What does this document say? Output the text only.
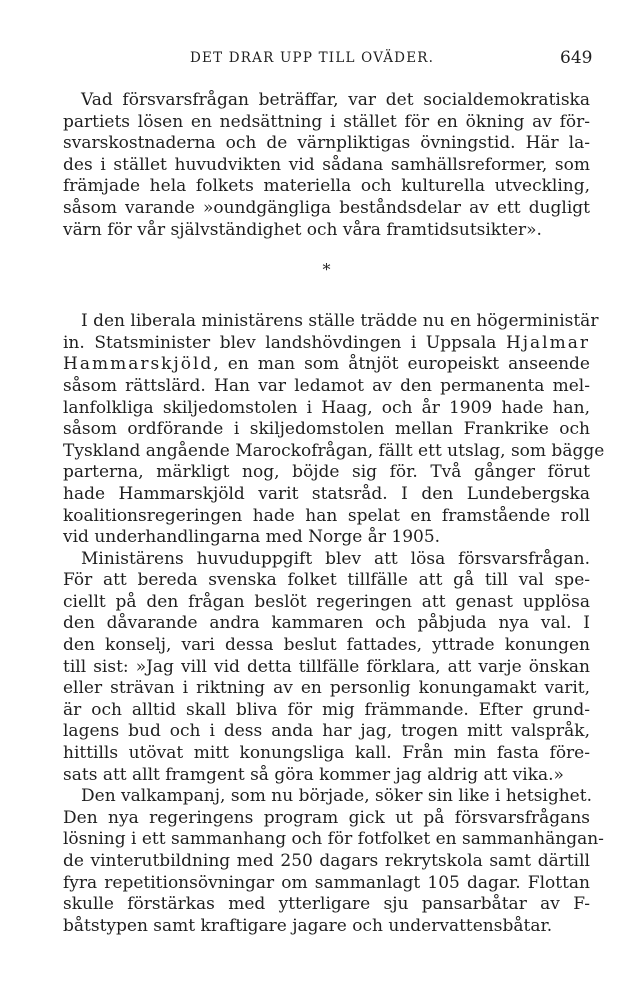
DET DRAR UPP TILL OVÄDER.	649
Vad försvarsfrågan beträffar, var det socialdemokratiska
partiets lösen en nedsättning i stället för en ökning av för-
svarskostnaderna och de värnpliktigas övningstid. Här la-
des i stället huvudvikten vid sådana samhällsreformer, som
främjade hela folkets materiella och kulturella utveckling,
såsom varande »oundgängliga beståndsdelar av ett dugligt
värn för vår självständighet och våra framtidsutsikter».
*
I den liberala ministärens ställe trädde nu en högerministär
in. Statsminister blev landshövdingen i Uppsala Hjalmar
Hammarskjöld, en man som åtnjöt europeiskt anseende
såsom rättslärd. Han var ledamot av den permanenta mel-
lanfolkliga skiljedomstolen i Haag, och år 1909 hade han,
såsom ordförande i skiljedomstolen mellan Frankrike och
Tyskland angående Marockofrågan, fällt ett utslag, som bägge
parterna, märkligt nog, böjde sig för. Två gånger förut
hade Hammarskjöld varit statsråd. I den Lundebergska
koalitionsregeringen hade han spelat en framstående roll
vid underhandlingarna med Norge år 1905.
Ministärens huvuduppgift blev att lösa försvarsfrågan.
För att bereda svenska folket tillfälle att gå till val spe-
ciellt på den frågan beslöt regeringen att genast upplösa
den dåvarande andra kammaren och påbjuda nya val. I
den konselj, vari dessa beslut fattades, yttrade konungen
till sist: »Jag vill vid detta tillfälle förklara, att varje önskan
eller strävan i riktning av en personlig konungamakt varit,
är och alltid skall bliva för mig främmande. Efter grund-
lagens bud och i dess anda har jag, trogen mitt valspråk,
hittills utövat mitt konungsliga kall. Från min fasta före-
sats att allt framgent så göra kommer jag aldrig att vika.»
Den valkampanj, som nu började, söker sin like i hetsighet.
Den nya regeringens program gick ut på försvarsfrågans
lösning i ett sammanhang och för fotfolket en sammanhängan-
de vinterutbildning med 250 dagars rekrytskola samt därtill
fyra repetitionsövningar om sammanlagt 105 dagar. Flottan
skulle förstärkas med ytterligare sju pansarbåtar av F-
båtstypen samt kraftigare jagare och undervattensbåtar.
